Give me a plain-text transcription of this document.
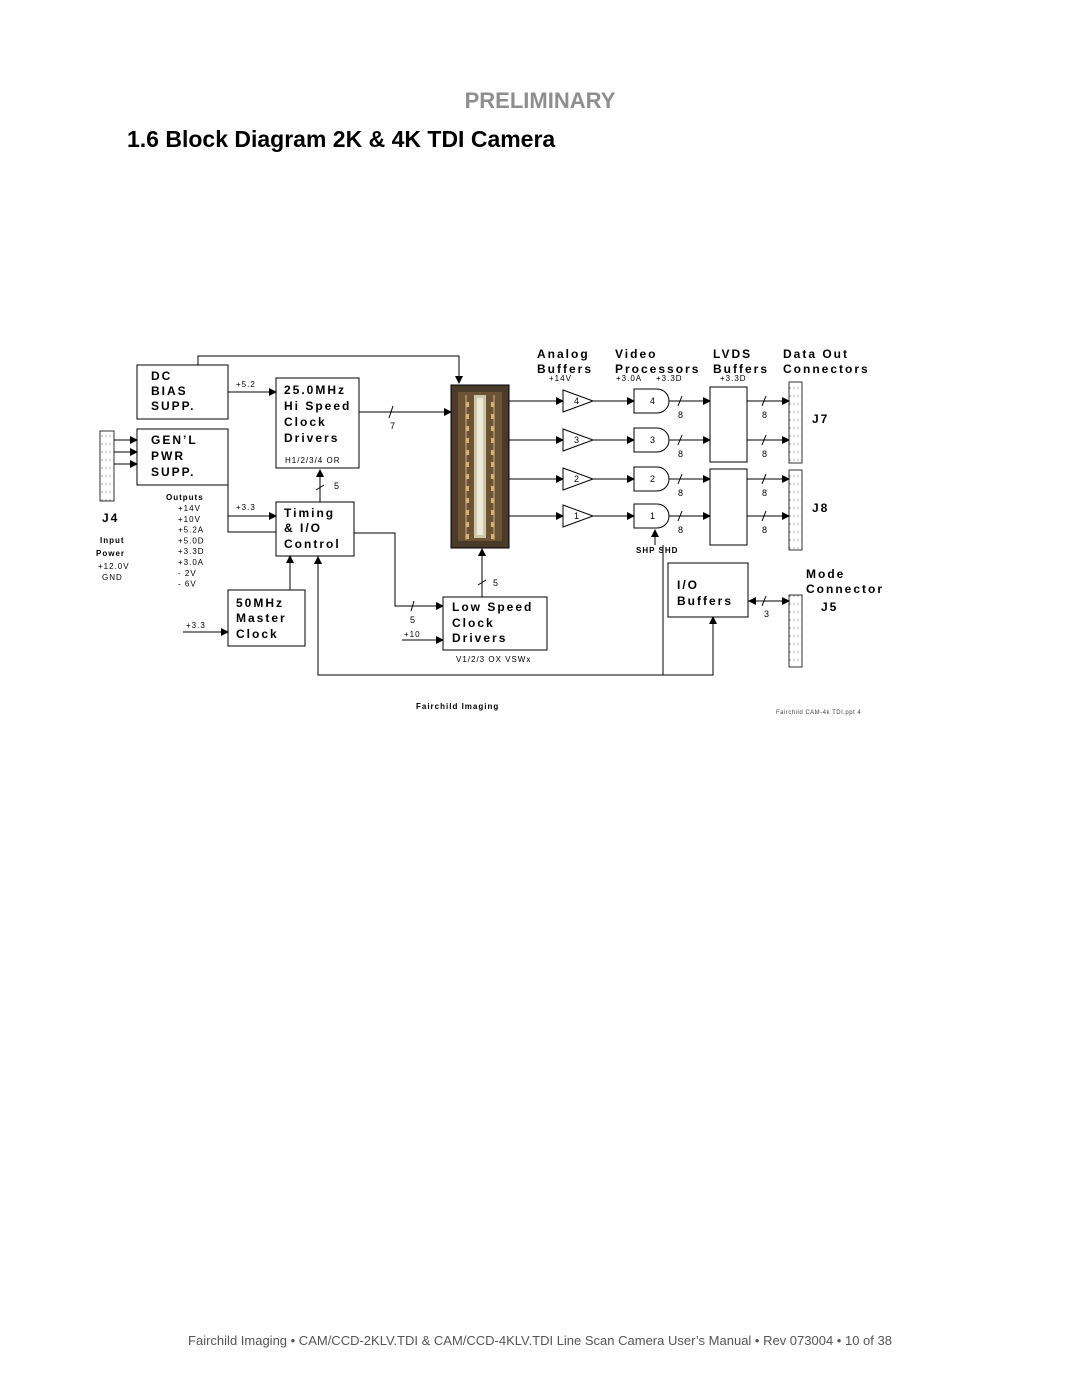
PRELIMINARY
1.6 Block Diagram 2K & 4K TDI Camera
DC
BIAS
SUPP.
GEN’L
PWR
SUPP.
J4
Input
Power
+12.0V
GND
Outputs
+14V
+10V
+5.2A
+5.0D
+3.3D
+3.0A
- 2V
- 6V
25.0MHz
Hi Speed
Clock
Drivers
H1/2/3/4 OR
+5.2
7
Timing
& I/O
Control
+3.3
5
5
+10
50MHz
Master
Clock
+3.3
Low Speed
Clock
Drivers
V1/2/3 OX VSWx
5
Analog
Buffers
Video
Processors
LVDS
Buffers
Data Out
Connectors
+14V	+3.0A +3.3D	+3.3D
4	4
8	8
3	3
8	8
2	2
8	8
1	1
8	8
J7
J8
SHP SHD
I/O
Buffers
3
Mode
Connector
J5
Fairchild Imaging
Fairchild CAM-4k TDI.ppt 4
Fairchild Imaging • CAM/CCD-2KLV.TDI & CAM/CCD-4KLV.TDI Line Scan Camera User’s Manual • Rev 073004 • 10 of 38
